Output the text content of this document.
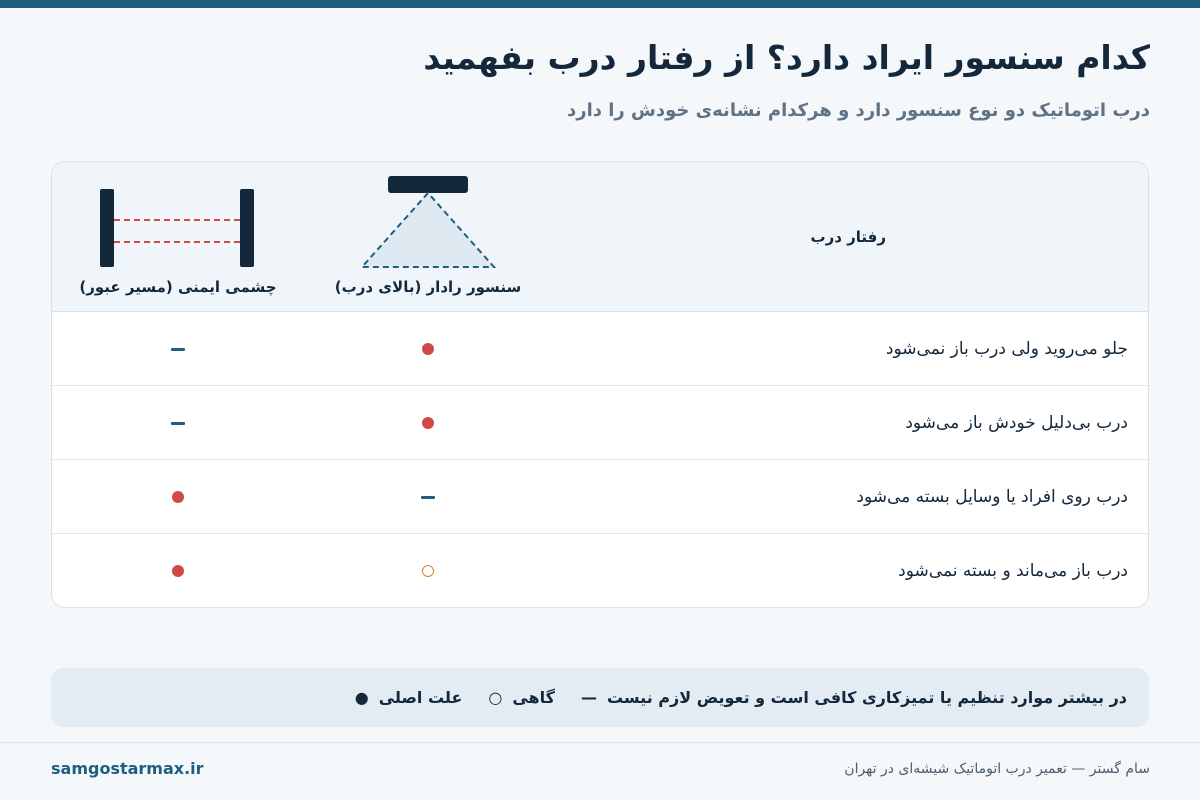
کدام سنسور ایراد دارد؟ از رفتار درب بفهمید

درب اتوماتیک دو نوع سنسور دارد و هرکدام نشانه‌ی خودش را دارد

رفتار درب
سنسور رادار (بالای درب)
چشمی ایمنی (مسیر عبور)
جلو می‌روید ولی درب باز نمی‌شود
درب بی‌دلیل خودش باز می‌شود
درب روی افراد یا وسایل بسته می‌شود
درب باز می‌ماند و بسته نمی‌شود
● علت اصلی ○ گاهی — در بیشتر موارد تنظیم یا تمیزکاری کافی است و تعویض لازم نیست
samgostarmax.ir	سام گستر — تعمیر درب اتوماتیک شیشه‌ای در تهران
